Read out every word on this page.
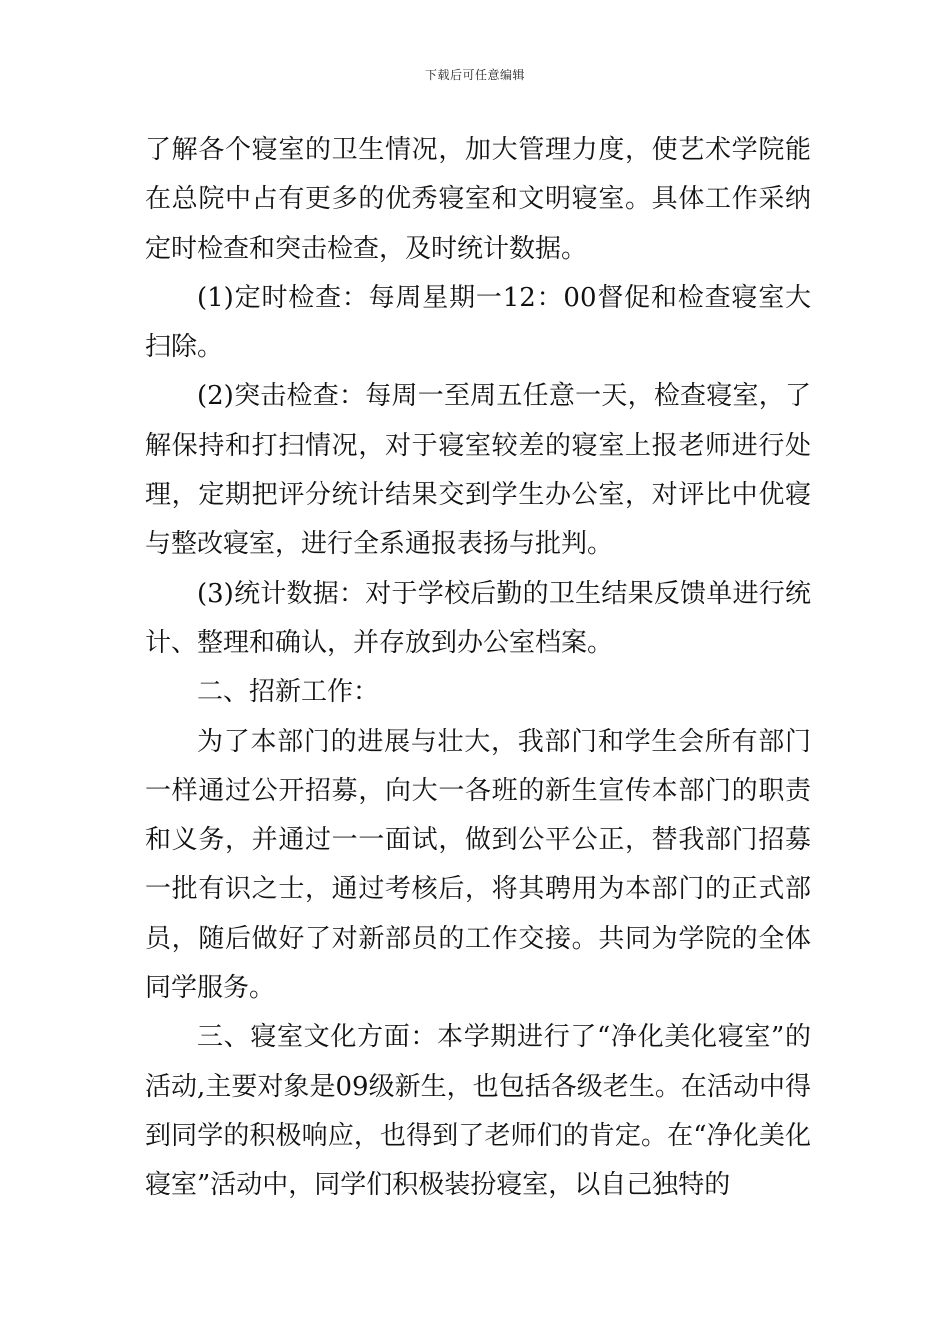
下载后可任意编辑

了解各个寝室的卫生情况，加大管理力度，使艺术学院能在总院中占有更多的优秀寝室和文明寝室。具体工作采纳定时检查和突击检查，及时统计数据。

(1)定时检查：每周星期一12：00督促和检查寝室大扫除。

(2)突击检查：每周一至周五任意一天，检查寝室，了解保持和打扫情况，对于寝室较差的寝室上报老师进行处理，定期把评分统计结果交到学生办公室，对评比中优寝与整改寝室，进行全系通报表扬与批判。

(3)统计数据：对于学校后勤的卫生结果反馈单进行统计、整理和确认，并存放到办公室档案。

二、招新工作：

为了本部门的进展与壮大，我部门和学生会所有部门一样通过公开招募，向大一各班的新生宣传本部门的职责和义务，并通过一一面试，做到公平公正，替我部门招募一批有识之士，通过考核后，将其聘用为本部门的正式部员，随后做好了对新部员的工作交接。共同为学院的全体同学服务。

三、寝室文化方面：本学期进行了“净化美化寝室”的活动,主要对象是09级新生，也包括各级老生。在活动中得到同学的积极响应，也得到了老师们的肯定。在“净化美化寝室”活动中，同学们积极装扮寝室，以自己独特的
